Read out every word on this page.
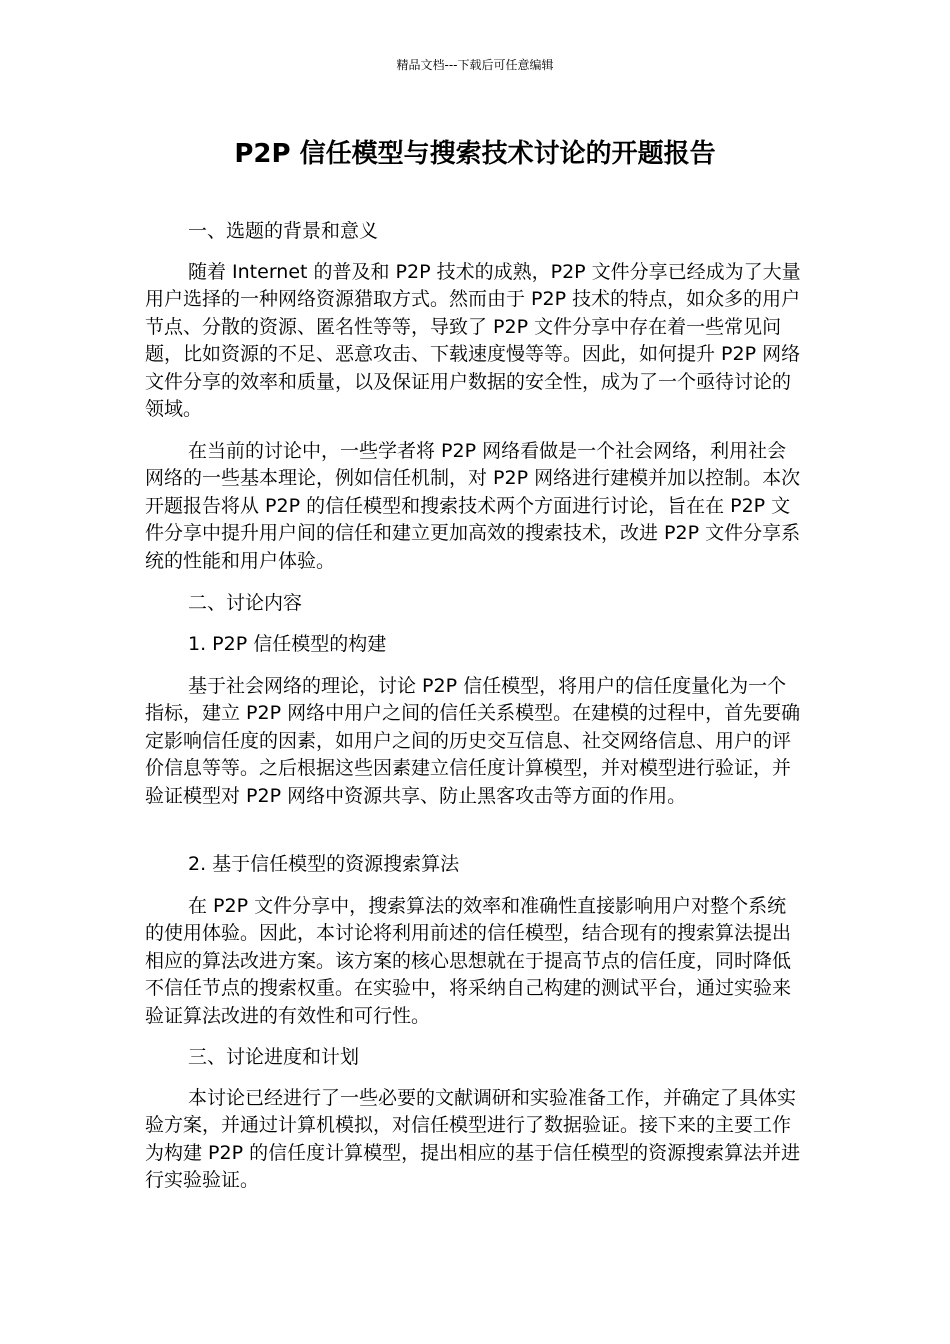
精品文档---下载后可任意编辑
P2P 信任模型与搜索技术讨论的开题报告
一、选题的背景和意义

随着 Internet 的普及和 P2P 技术的成熟，P2P 文件分享已经成为了大量用户选择的一种网络资源猎取方式。然而由于 P2P 技术的特点，如众多的用户节点、分散的资源、匿名性等等，导致了 P2P 文件分享中存在着一些常见问题，比如资源的不足、恶意攻击、下载速度慢等等。因此，如何提升 P2P 网络文件分享的效率和质量，以及保证用户数据的安全性，成为了一个亟待讨论的领域。

在当前的讨论中，一些学者将 P2P 网络看做是一个社会网络，利用社会网络的一些基本理论，例如信任机制，对 P2P 网络进行建模并加以控制。本次开题报告将从 P2P 的信任模型和搜索技术两个方面进行讨论，旨在在 P2P 文件分享中提升用户间的信任和建立更加高效的搜索技术，改进 P2P 文件分享系统的性能和用户体验。

二、讨论内容
1. P2P 信任模型的构建

基于社会网络的理论，讨论 P2P 信任模型，将用户的信任度量化为一个指标，建立 P2P 网络中用户之间的信任关系模型。在建模的过程中，首先要确定影响信任度的因素，如用户之间的历史交互信息、社交网络信息、用户的评价信息等等。之后根据这些因素建立信任度计算模型，并对模型进行验证，并验证模型对 P2P 网络中资源共享、防止黑客攻击等方面的作用。

2. 基于信任模型的资源搜索算法

在 P2P 文件分享中，搜索算法的效率和准确性直接影响用户对整个系统的使用体验。因此，本讨论将利用前述的信任模型，结合现有的搜索算法提出相应的算法改进方案。该方案的核心思想就在于提高节点的信任度，同时降低不信任节点的搜索权重。在实验中，将采纳自己构建的测试平台，通过实验来验证算法改进的有效性和可行性。

三、讨论进度和计划

本讨论已经进行了一些必要的文献调研和实验准备工作，并确定了具体实验方案，并通过计算机模拟，对信任模型进行了数据验证。接下来的主要工作为构建 P2P 的信任度计算模型，提出相应的基于信任模型的资源搜索算法并进行实验验证。
